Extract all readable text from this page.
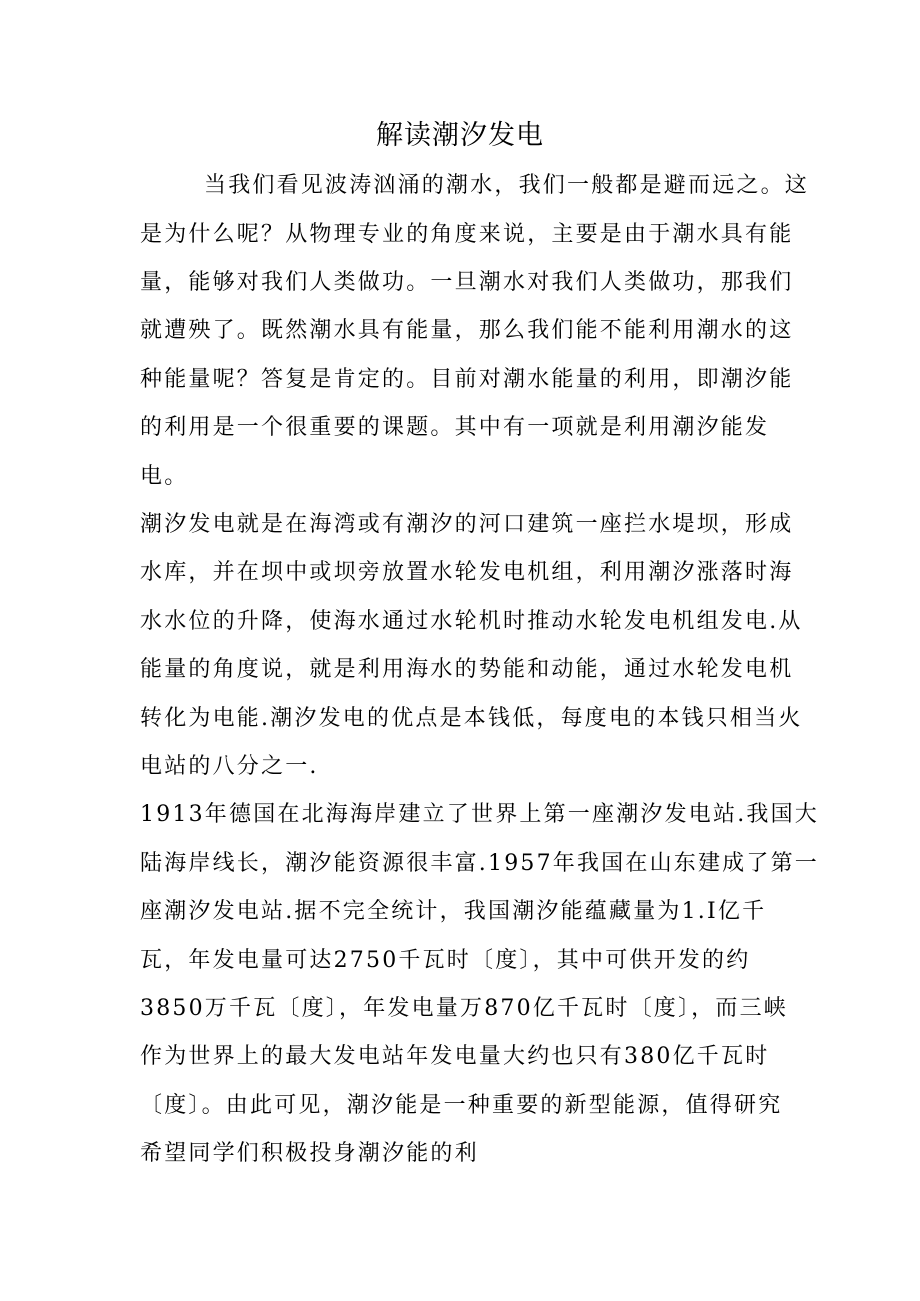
解读潮汐发电
当我们看见波涛汹涌的潮水，我们一般都是避而远之。这
是为什么呢？从物理专业的角度来说，主要是由于潮水具有能
量，能够对我们人类做功。一旦潮水对我们人类做功，那我们
就遭殃了。既然潮水具有能量，那么我们能不能利用潮水的这
种能量呢？答复是肯定的。目前对潮水能量的利用，即潮汐能
的利用是一个很重要的课题。其中有一项就是利用潮汐能发
电。
潮汐发电就是在海湾或有潮汐的河口建筑一座拦水堤坝，形成
水库，并在坝中或坝旁放置水轮发电机组，利用潮汐涨落时海
水水位的升降，使海水通过水轮机时推动水轮发电机组发电.从
能量的角度说，就是利用海水的势能和动能，通过水轮发电机
转化为电能.潮汐发电的优点是本钱低，每度电的本钱只相当火
电站的八分之一.
1913年德国在北海海岸建立了世界上第一座潮汐发电站.我国大
陆海岸线长，潮汐能资源很丰富.1957年我国在山东建成了第一
座潮汐发电站.据不完全统计，我国潮汐能蕴藏量为1.I亿千
瓦，年发电量可达2750千瓦时〔度〕，其中可供开发的约
3850万千瓦〔度〕，年发电量万870亿千瓦时〔度〕，而三峡
作为世界上的最大发电站年发电量大约也只有380亿千瓦时
〔度〕。由此可见，潮汐能是一种重要的新型能源，值得研究
希望同学们积极投身潮汐能的利
